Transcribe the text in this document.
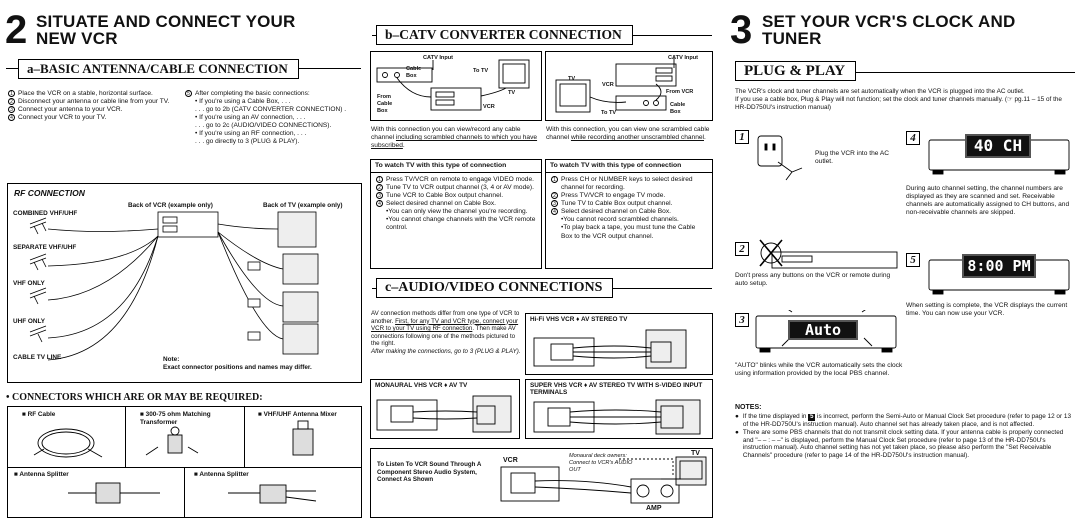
2 SITUATE AND CONNECT YOUR
NEW VCR
a–BASIC ANTENNA/CABLE CONNECTION
1 Place the VCR on a stable, horizontal surface.
2 Disconnect your antenna or cable line from your TV.
3 Connect your antenna to your VCR.
4 Connect your VCR to your TV.
5 After completing the basic connections:
• If you're using a Cable Box, . . .
. . . go to 2b (CATV CONVERTER CONNECTION) .
• If you're using an AV connection, . . .
. . . go to 2c (AUDIO/VIDEO CONNECTIONS).
• If you're using an RF connection, . . .
. . . go directly to 3 (PLUG & PLAY).
RF CONNECTION
Back of VCR (example only)	Back of TV (example only)
COMBINED VHF/UHF
SEPARATE VHF/UHF
VHF ONLY
UHF ONLY
CABLE TV LINE	Note:
Exact connector positions and names may differ.
• CONNECTORS WHICH ARE OR MAY BE REQUIRED:
■ RF Cable	■ 300-75 ohm Matching Transformer
■ VHF/UHF Antenna Mixer
■ Antenna Splitter	■ Antenna Splitter
b–CATV CONVERTER CONNECTION
CATV Input
Cable Box
To TV
TV
From Cable Box
VCR
CATV Input
TV
VCR
From VCR
To TV
Cable Box
With this connection you can view/record any cable channel including scrambled channels to which you have subscribed.
With this connection, you can view one scrambled cable channel while recording another unscrambled channel.
To watch TV with this type of connection
1 Press TV/VCR on remote to engage VIDEO mode.
2 Tune TV to VCR output channel (3, 4 or AV mode).
3 Tune VCR to Cable Box output channel.
4 Select desired channel on Cable Box.
•You can only view the channel you're recording.
•You cannot change channels with the VCR remote control.
To watch TV with this type of connection
1 Press CH or NUMBER keys to select desired channel for recording.
2 Press TV/VCR to engage TV mode.
3 Tune TV to Cable Box output channel.
4 Select desired channel on Cable Box.
•You cannot record scrambled channels.
•To play back a tape, you must tune the Cable Box to the VCR output channel.
c–AUDIO/VIDEO CONNECTIONS
AV connection methods differ from one type of VCR to another. First, for any TV and VCR type, connect your VCR to your TV using RF connection. Then make AV connections following one of the methods pictured to the right.
After making the connections, go to 3 (PLUG & PLAY).
Hi-Fi VHS VCR ♦ AV STEREO TV
MONAURAL VHS VCR ♦ AV TV	SUPER VHS VCR ♦ AV STEREO TV WITH S-VIDEO INPUT TERMINALS
To Listen To VCR Sound Through A Component Stereo Audio System, Connect As Shown
VCR
TV
AMP
Monaural deck owners:
Connect to VCR's AUDIO
OUT
3 SET YOUR VCR'S CLOCK AND
TUNER
PLUG & PLAY
The VCR's clock and tuner channels are set automatically when the VCR is plugged into the AC outlet.
If you use a cable box, Plug & Play will not function; set the clock and tuner channels manually. (☞ pg.11 – 15 of the HR-DD750U's instruction manual)
1
Plug the VCR into the AC outlet.
2
Don't press any buttons on the VCR or remote during auto setup.
3
Auto
"AUTO" blinks while the VCR automatically sets the clock using information provided by the local PBS channel.
4	40 CH
During auto channel setting, the channel numbers are displayed as they are scanned and set. Receivable channels are automatically assigned to CH buttons, and non-receivable channels are skipped.
5	8:00 PM
When setting is complete, the VCR displays the current time. You can now use your VCR.
NOTES:
● If the time displayed in 5 is incorrect, perform the Semi-Auto or Manual Clock Set procedure (refer to page 12 or 13 of the HR-DD750U's instruction manual). Auto channel set has already taken place, and is not affected.
● There are some PBS channels that do not transmit clock setting data. If your antenna cable is properly connected and "– – : – –" is displayed, perform the Manual Clock Set procedure (refer to page 13 of the HR-DD750U's instruction manual). Auto channel setting has not yet taken place, so please also perform the "Set Receivable Channels" procedure (refer to page 14 of the HR-DD750U's instruction manual).
